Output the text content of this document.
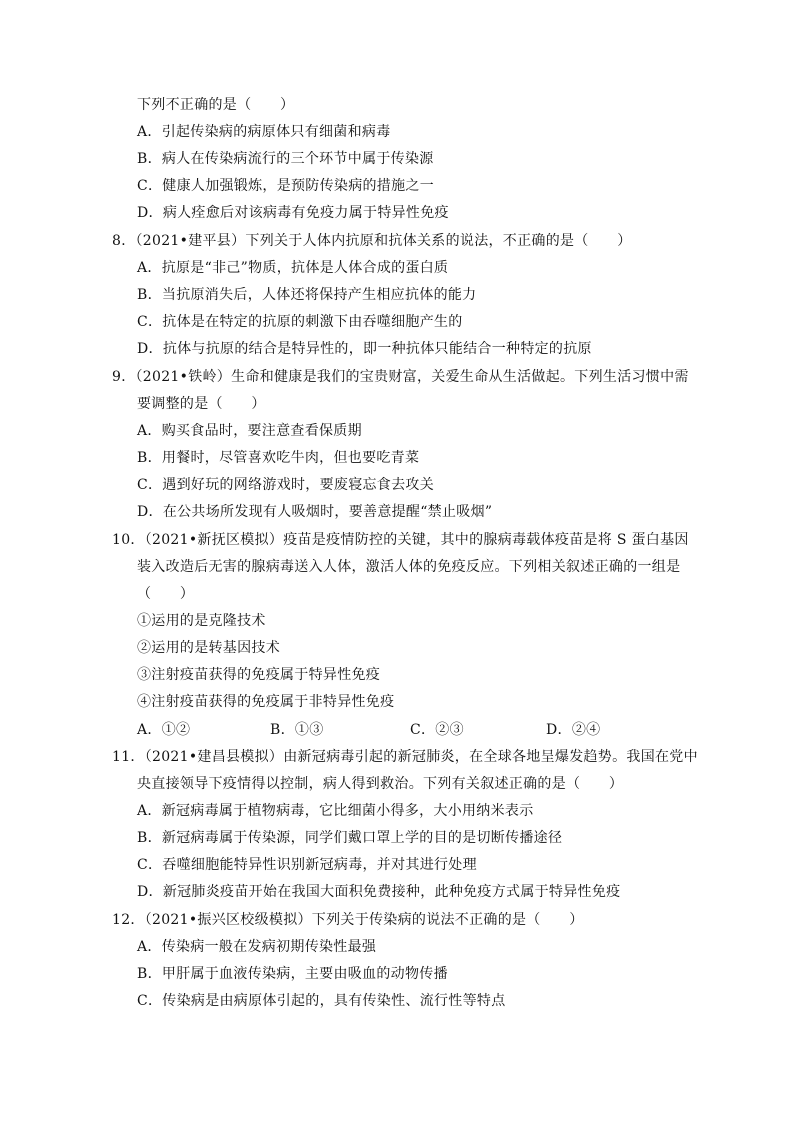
下列不正确的是（　　）
A．引起传染病的病原体只有细菌和病毒
B．病人在传染病流行的三个环节中属于传染源
C．健康人加强锻炼，是预防传染病的措施之一
D．病人痊愈后对该病毒有免疫力属于特异性免疫
8．（2021•建平县）下列关于人体内抗原和抗体关系的说法，不正确的是（　　）
A．抗原是“非己”物质，抗体是人体合成的蛋白质
B．当抗原消失后，人体还将保持产生相应抗体的能力
C．抗体是在特定的抗原的刺激下由吞噬细胞产生的
D．抗体与抗原的结合是特异性的，即一种抗体只能结合一种特定的抗原
9．（2021•铁岭）生命和健康是我们的宝贵财富，关爱生命从生活做起。下列生活习惯中需
要调整的是（　　）
A．购买食品时，要注意查看保质期
B．用餐时，尽管喜欢吃牛肉，但也要吃青菜
C．遇到好玩的网络游戏时，要废寝忘食去攻关
D．在公共场所发现有人吸烟时，要善意提醒“禁止吸烟”
10．（2021•新抚区模拟）疫苗是疫情防控的关键，其中的腺病毒载体疫苗是将 S 蛋白基因
装入改造后无害的腺病毒送入人体，激活人体的免疫反应。下列相关叙述正确的一组是
（　　）
①运用的是克隆技术
②运用的是转基因技术
③注射疫苗获得的免疫属于特异性免疫
④注射疫苗获得的免疫属于非特异性免疫
A．①②	B．①③	C．②③	D．②④
11．（2021•建昌县模拟）由新冠病毒引起的新冠肺炎，在全球各地呈爆发趋势。我国在党中
央直接领导下疫情得以控制，病人得到救治。下列有关叙述正确的是（　　）
A．新冠病毒属于植物病毒，它比细菌小得多，大小用纳米表示
B．新冠病毒属于传染源，同学们戴口罩上学的目的是切断传播途径
C．吞噬细胞能特异性识别新冠病毒，并对其进行处理
D．新冠肺炎疫苗开始在我国大面积免费接种，此种免疫方式属于特异性免疫
12．（2021•振兴区校级模拟）下列关于传染病的说法不正确的是（　　）
A．传染病一般在发病初期传染性最强
B．甲肝属于血液传染病，主要由吸血的动物传播
C．传染病是由病原体引起的，具有传染性、流行性等特点
